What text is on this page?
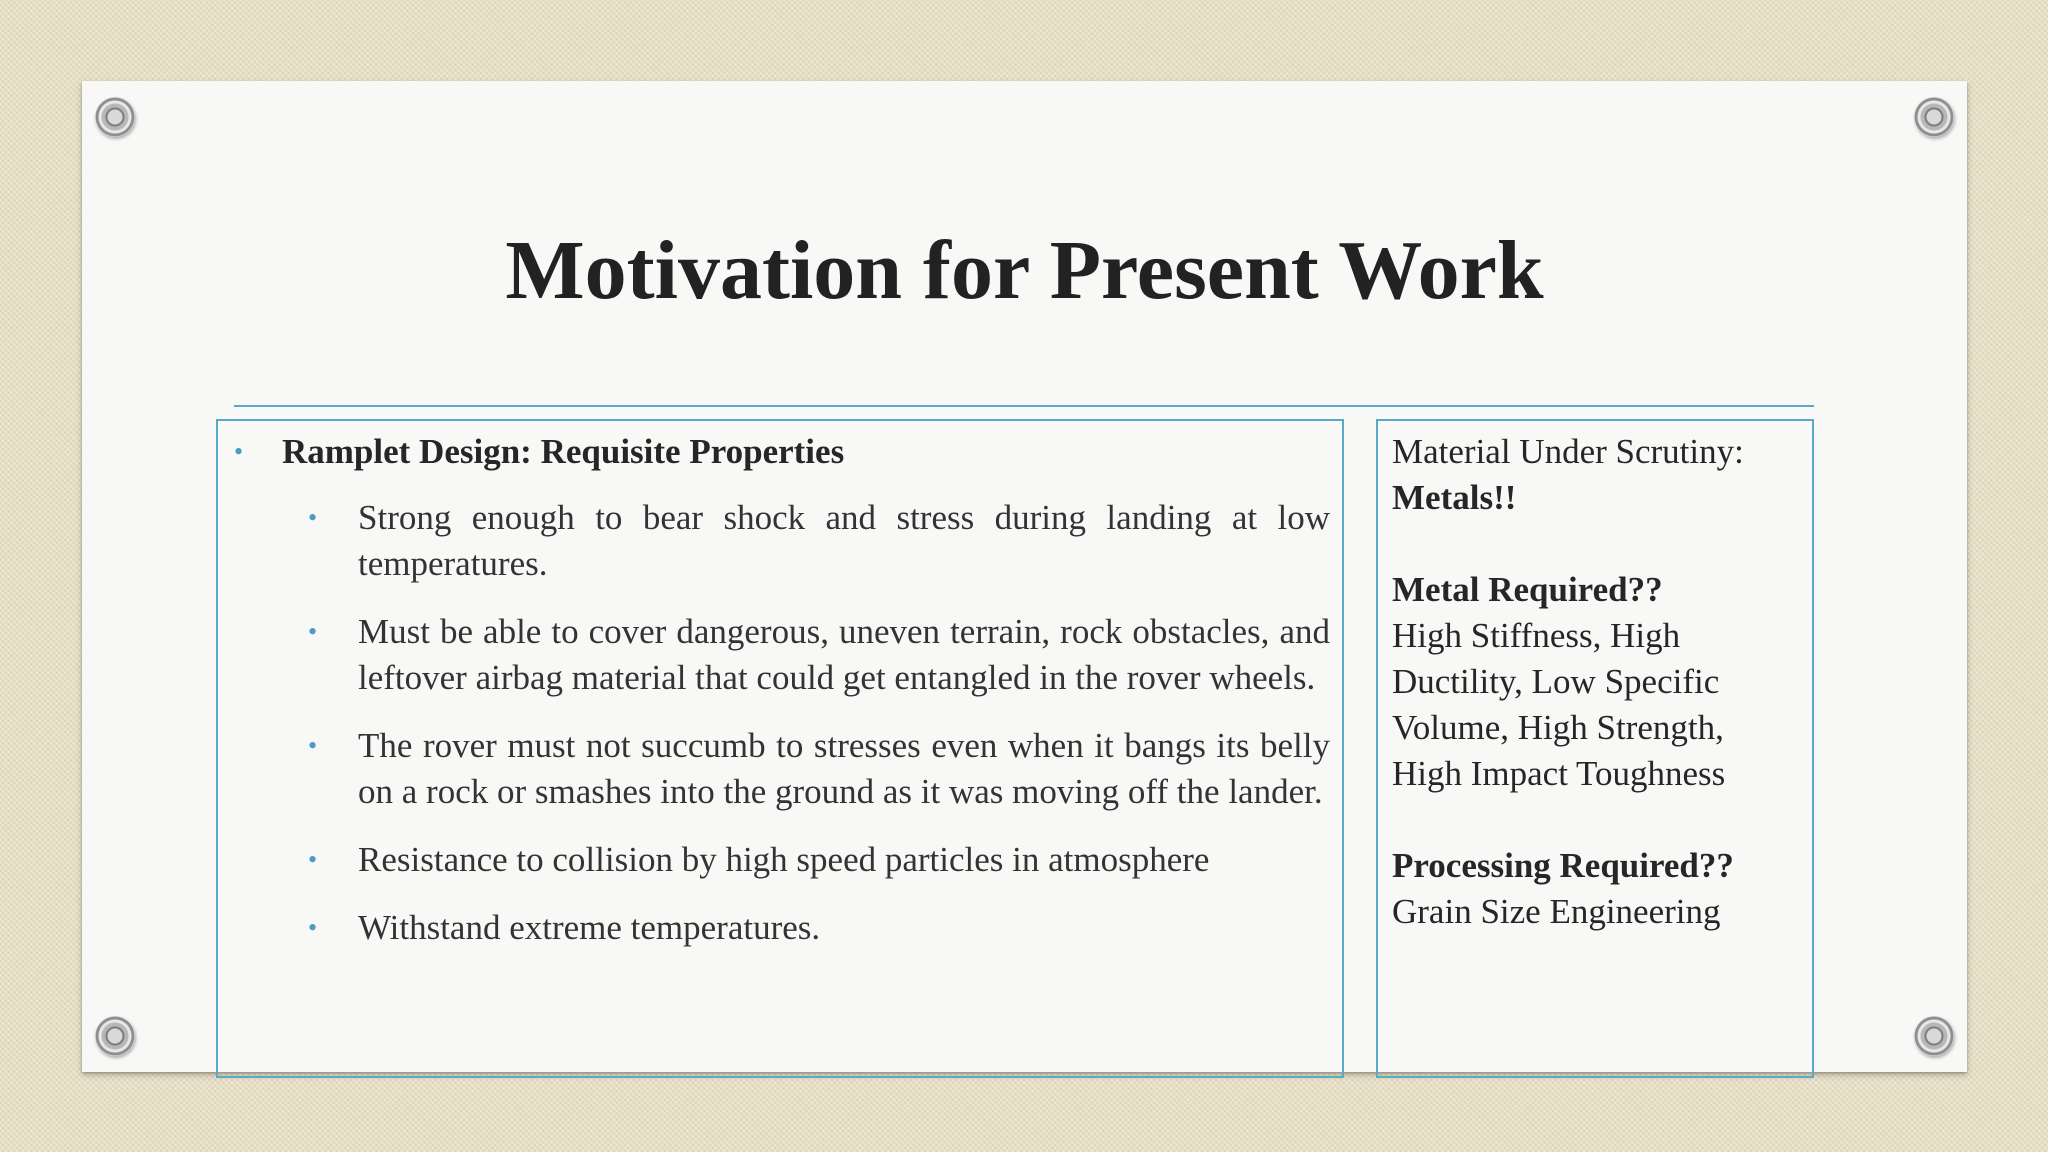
Motivation for Present Work
• Ramplet Design: Requisite Properties
• Strong enough to bear shock and stress during landing at low temperatures.
• Must be able to cover dangerous, uneven terrain, rock obstacles, and leftover airbag material that could get entangled in the rover wheels.
• The rover must not succumb to stresses even when it bangs its belly on a rock or smashes into the ground as it was moving off the lander.
• Resistance to collision by high speed particles in atmosphere
• Withstand extreme temperatures.
Material Under Scrutiny:
Metals!!
Metal Required??
High Stiffness, High Ductility, Low Specific Volume, High Strength, High Impact Toughness
Processing Required??
Grain Size Engineering
